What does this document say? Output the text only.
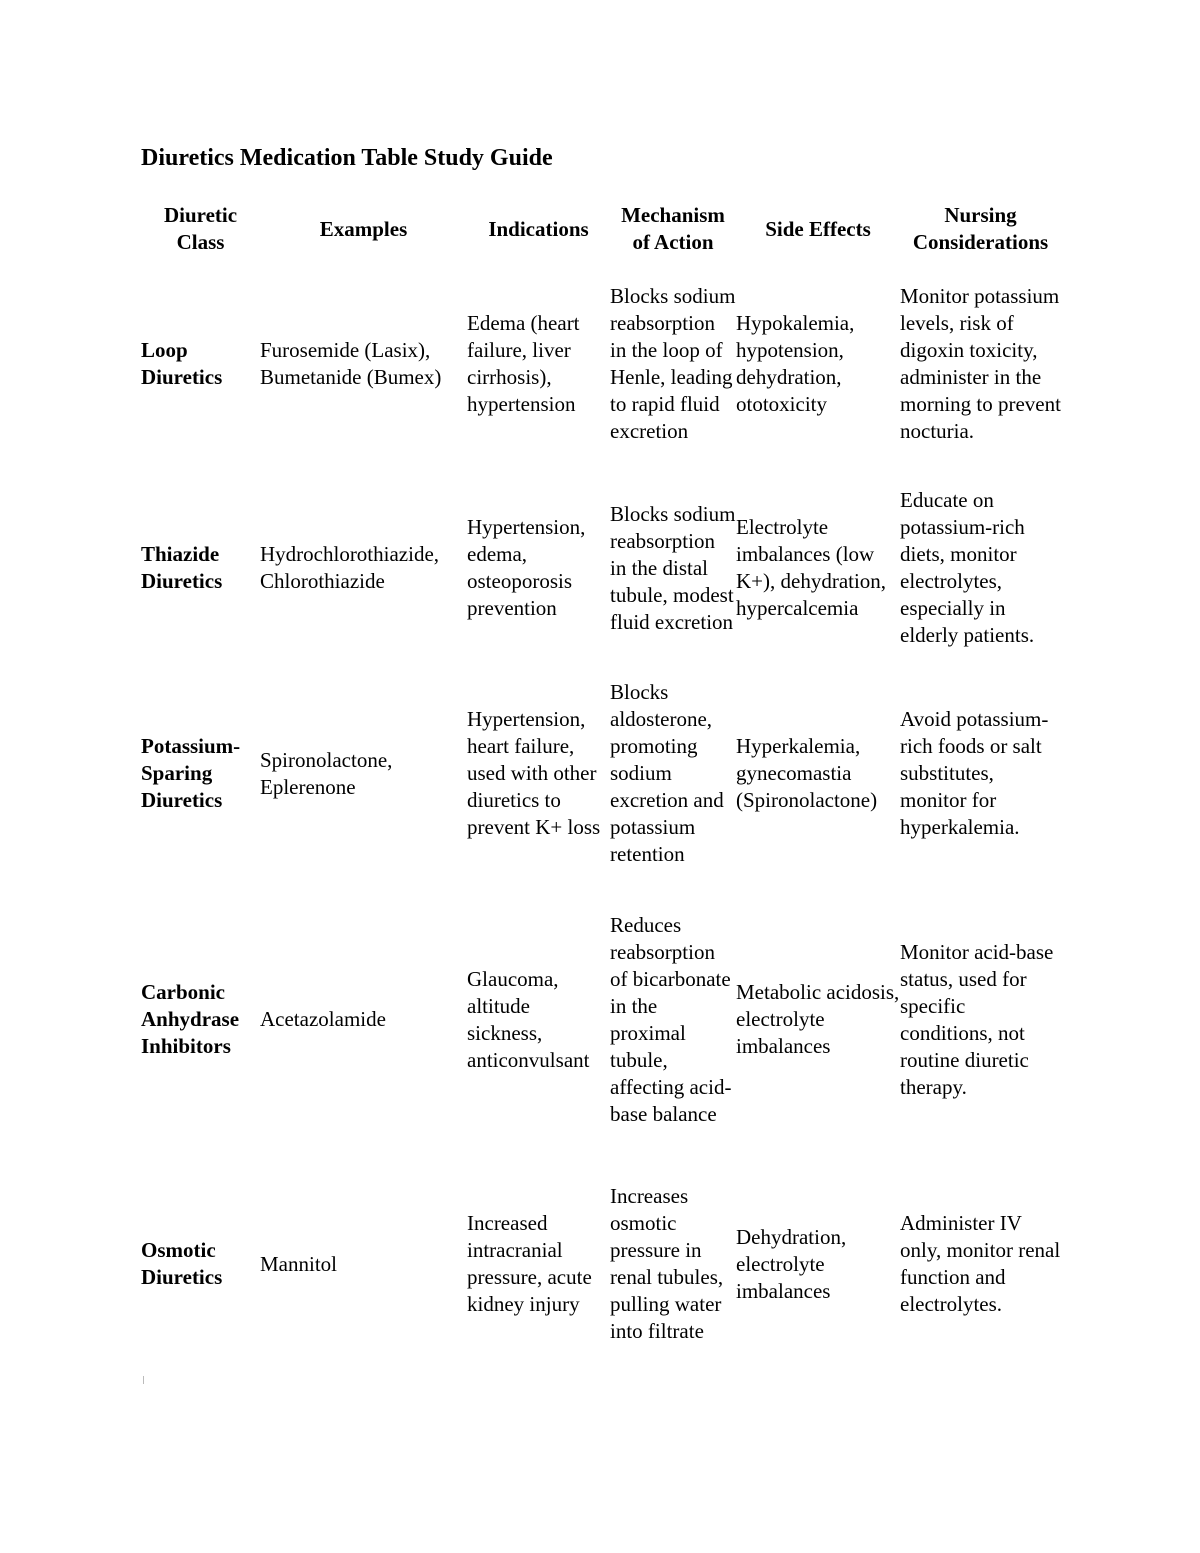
Diuretics Medication Table Study Guide
Diuretic Class	Examples	Indications	Mechanism of Action	Side Effects	Nursing Considerations
Loop Diuretics	Furosemide (Lasix), Bumetanide (Bumex)	Edema (heart failure, liver cirrhosis), hypertension	Blocks sodium reabsorption in the loop of Henle, leading to rapid fluid excretion	Hypokalemia, hypotension, dehydration, ototoxicity	Monitor potassium levels, risk of digoxin toxicity, administer in the morning to prevent nocturia.
Thiazide Diuretics	Hydrochlorothiazide, Chlorothiazide	Hypertension, edema, osteoporosis prevention	Blocks sodium reabsorption in the distal tubule, modest fluid excretion	Electrolyte imbalances (low K+), dehydration, hypercalcemia	Educate on potassium-rich diets, monitor electrolytes, especially in elderly patients.
Potassium-Sparing Diuretics	Spironolactone, Eplerenone	Hypertension, heart failure, used with other diuretics to prevent K+ loss	Blocks aldosterone, promoting sodium excretion and potassium retention	Hyperkalemia, gynecomastia (Spironolactone)	Avoid potassium-rich foods or salt substitutes, monitor for hyperkalemia.
Carbonic Anhydrase Inhibitors	Acetazolamide	Glaucoma, altitude sickness, anticonvulsant	Reduces reabsorption of bicarbonate in the proximal tubule, affecting acid-base balance	Metabolic acidosis, electrolyte imbalances	Monitor acid-base status, used for specific conditions, not routine diuretic therapy.
Osmotic Diuretics	Mannitol	Increased intracranial pressure, acute kidney injury	Increases osmotic pressure in renal tubules, pulling water into filtrate	Dehydration, electrolyte imbalances	Administer IV only, monitor renal function and electrolytes.
